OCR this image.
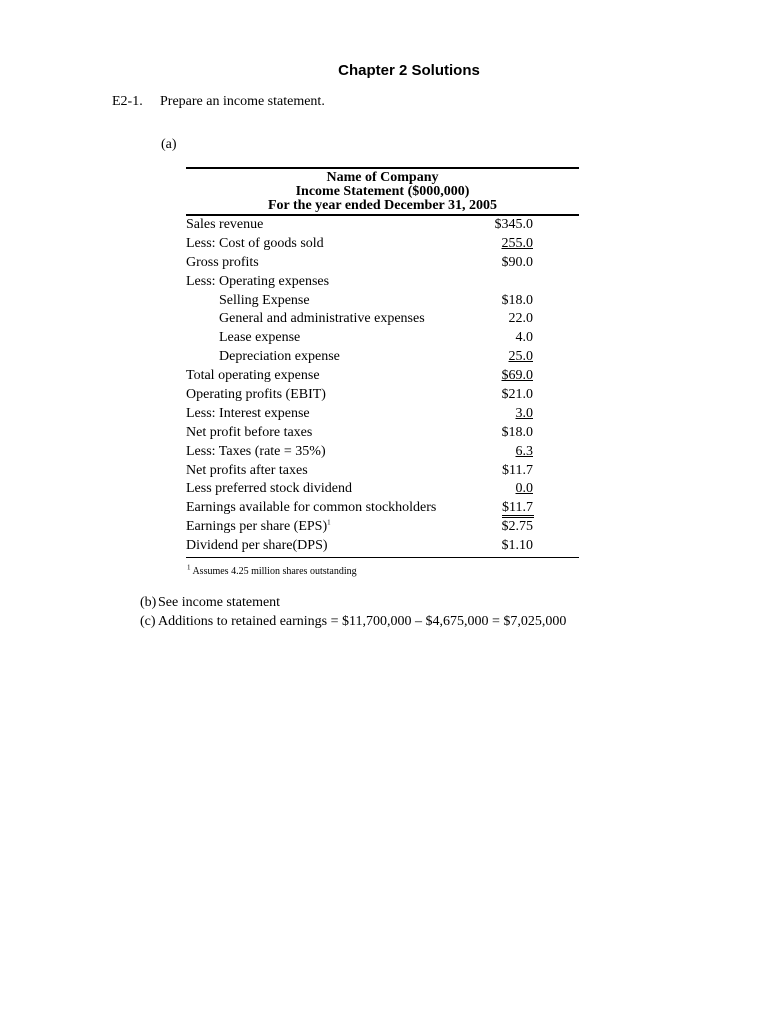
Chapter 2 Solutions
E2-1. Prepare an income statement.
(a)
Name of Company
Income Statement ($000,000)
For the year ended December 31, 2005
Sales revenue	$345.0
Less: Cost of goods sold	255.0
Gross profits	$90.0
Less: Operating expenses
Selling Expense	$18.0
General and administrative expenses	22.0
Lease expense	4.0
Depreciation expense	25.0
Total operating expense	$69.0
Operating profits (EBIT)	$21.0
Less: Interest expense	3.0
Net profit before taxes	$18.0
Less: Taxes (rate = 35%)	6.3
Net profits after taxes	$11.7
Less preferred stock dividend	0.0
Earnings available for common stockholders	$11.7
Earnings per share (EPS)$^1$	$2.75
Dividend per share(DPS)	$1.10
$^1$ Assumes 4.25 million shares outstanding
(b) See income statement
(c) Additions to retained earnings = $11,700,000 – $4,675,000 = $7,025,000
